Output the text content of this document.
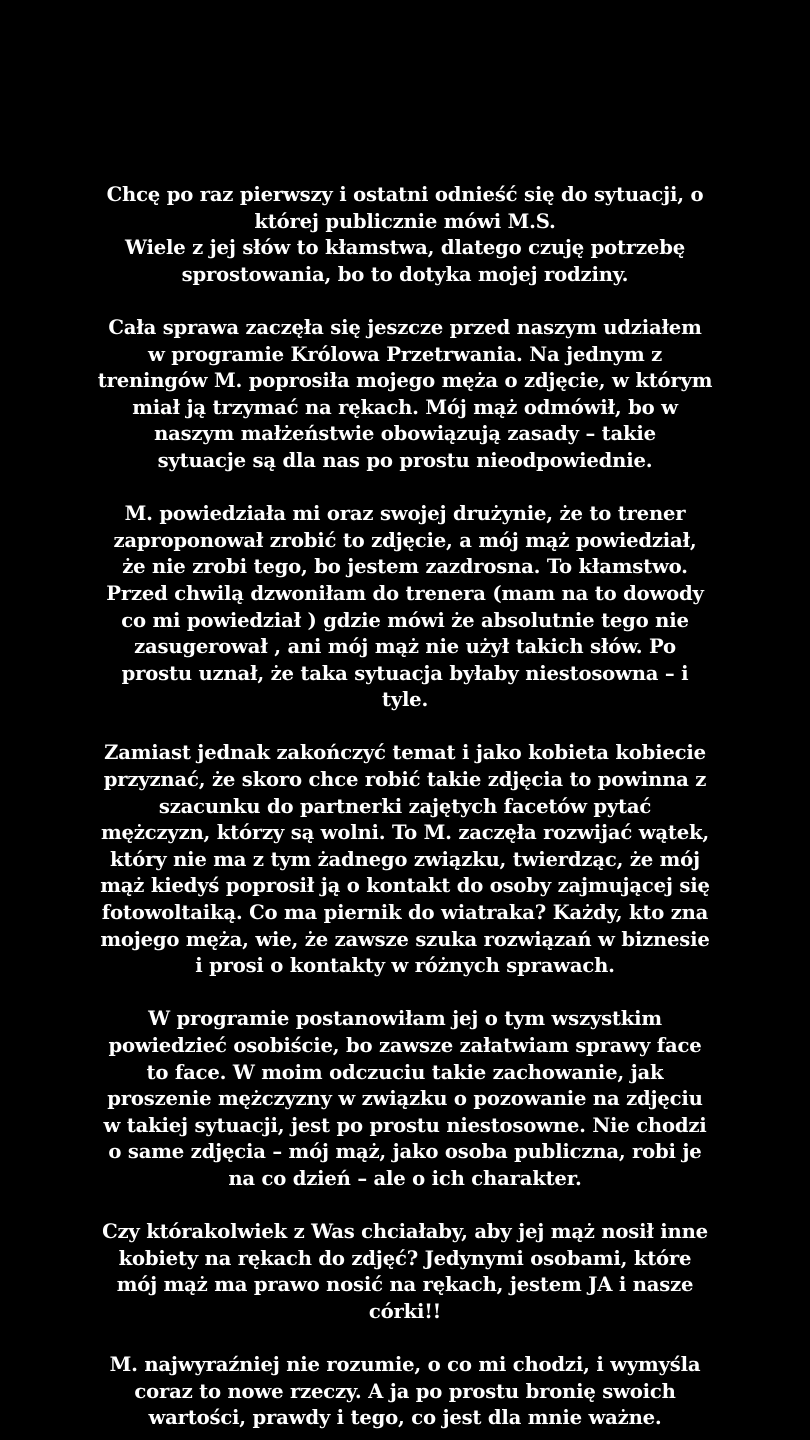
Chcę po raz pierwszy i ostatni odnieść się do sytuacji, o
której publicznie mówi M.S.
Wiele z jej słów to kłamstwa, dlatego czuję potrzebę
sprostowania, bo to dotyka mojej rodziny.

Cała sprawa zaczęła się jeszcze przed naszym udziałem
w programie Królowa Przetrwania. Na jednym z
treningów M. poprosiła mojego męża o zdjęcie, w którym
miał ją trzymać na rękach. Mój mąż odmówił, bo w
naszym małżeństwie obowiązują zasady – takie
sytuacje są dla nas po prostu nieodpowiednie.

M. powiedziała mi oraz swojej drużynie, że to trener
zaproponował zrobić to zdjęcie, a mój mąż powiedział,
że nie zrobi tego, bo jestem zazdrosna. To kłamstwo.
Przed chwilą dzwoniłam do trenera (mam na to dowody
co mi powiedział ) gdzie mówi że absolutnie tego nie
zasugerował , ani mój mąż nie użył takich słów. Po
prostu uznał, że taka sytuacja byłaby niestosowna – i
tyle.

Zamiast jednak zakończyć temat i jako kobieta kobiecie
przyznać, że skoro chce robić takie zdjęcia to powinna z
szacunku do partnerki zajętych facetów pytać
mężczyzn, którzy są wolni. To M. zaczęła rozwijać wątek,
który nie ma z tym żadnego związku, twierdząc, że mój
mąż kiedyś poprosił ją o kontakt do osoby zajmującej się
fotowoltaiką. Co ma piernik do wiatraka? Każdy, kto zna
mojego męża, wie, że zawsze szuka rozwiązań w biznesie
i prosi o kontakty w różnych sprawach.

W programie postanowiłam jej o tym wszystkim
powiedzieć osobiście, bo zawsze załatwiam sprawy face
to face. W moim odczuciu takie zachowanie, jak
proszenie mężczyzny w związku o pozowanie na zdjęciu
w takiej sytuacji, jest po prostu niestosowne. Nie chodzi
o same zdjęcia – mój mąż, jako osoba publiczna, robi je
na co dzień – ale o ich charakter.

Czy którakolwiek z Was chciałaby, aby jej mąż nosił inne
kobiety na rękach do zdjęć? Jedynymi osobami, które
mój mąż ma prawo nosić na rękach, jestem JA i nasze
córki!!

M. najwyraźniej nie rozumie, o co mi chodzi, i wymyśla
coraz to nowe rzeczy. A ja po prostu bronię swoich
wartości, prawdy i tego, co jest dla mnie ważne.
